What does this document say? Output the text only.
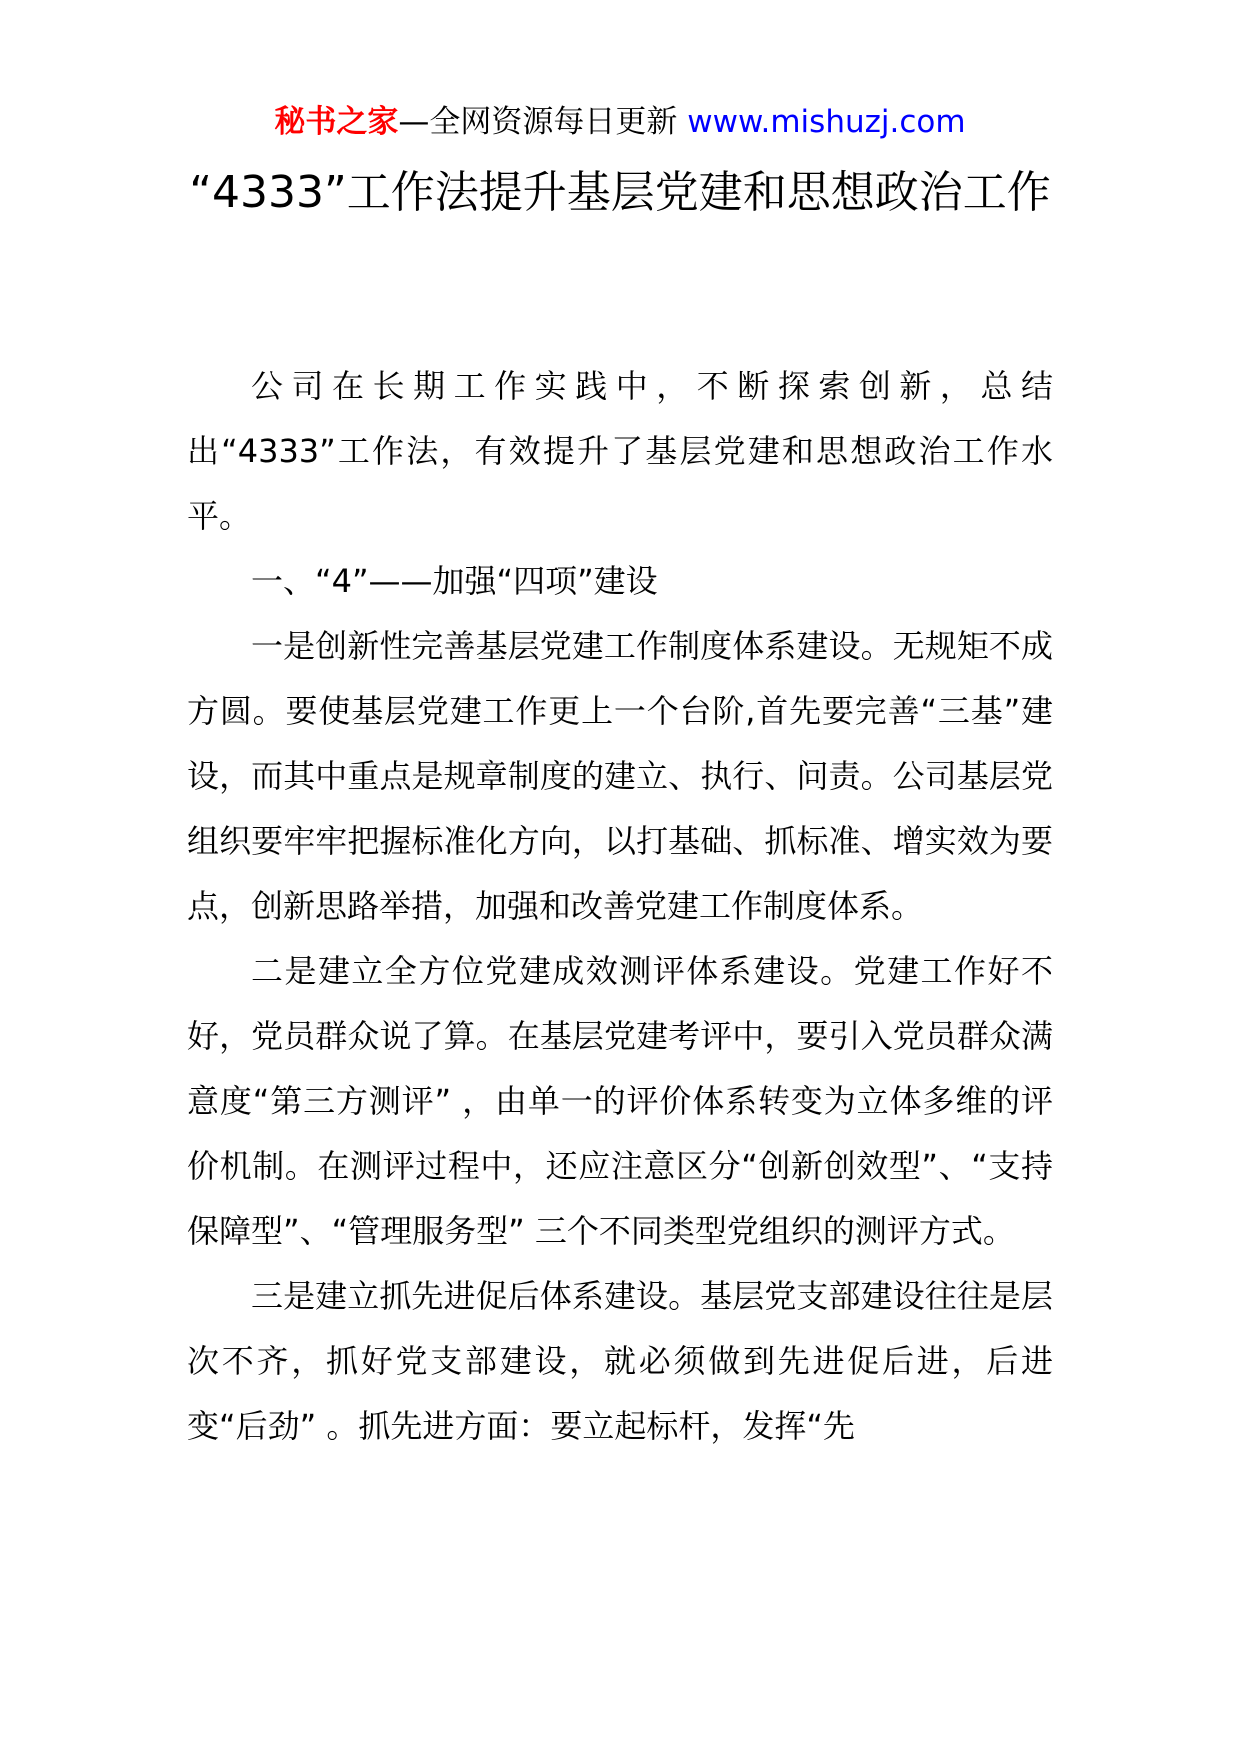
秘书之家—全网资源每日更新 www.mishuzj.com
“4333”工作法提升基层党建和思想政治工作

公司在长期工作实践中，不断探索创新，总结出“4333”工作法，有效提升了基层党建和思想政治工作水平。

一、“4”——加强“四项”建设

一是创新性完善基层党建工作制度体系建设。无规矩不成方圆。要使基层党建工作更上一个台阶,首先要完善“三基”建设，而其中重点是规章制度的建立、执行、问责。公司基层党组织要牢牢把握标准化方向，以打基础、抓标准、增实效为要点，创新思路举措，加强和改善党建工作制度体系。

二是建立全方位党建成效测评体系建设。党建工作好不好，党员群众说了算。在基层党建考评中，要引入党员群众满意度“第三方测评” ，由单一的评价体系转变为立体多维的评价机制。在测评过程中，还应注意区分“创新创效型”、“支持保障型”、“管理服务型” 三个不同类型党组织的测评方式。

三是建立抓先进促后体系建设。基层党支部建设往往是层次不齐，抓好党支部建设，就必须做到先进促后进，后进变“后劲” 。抓先进方面：要立起标杆，发挥“先
